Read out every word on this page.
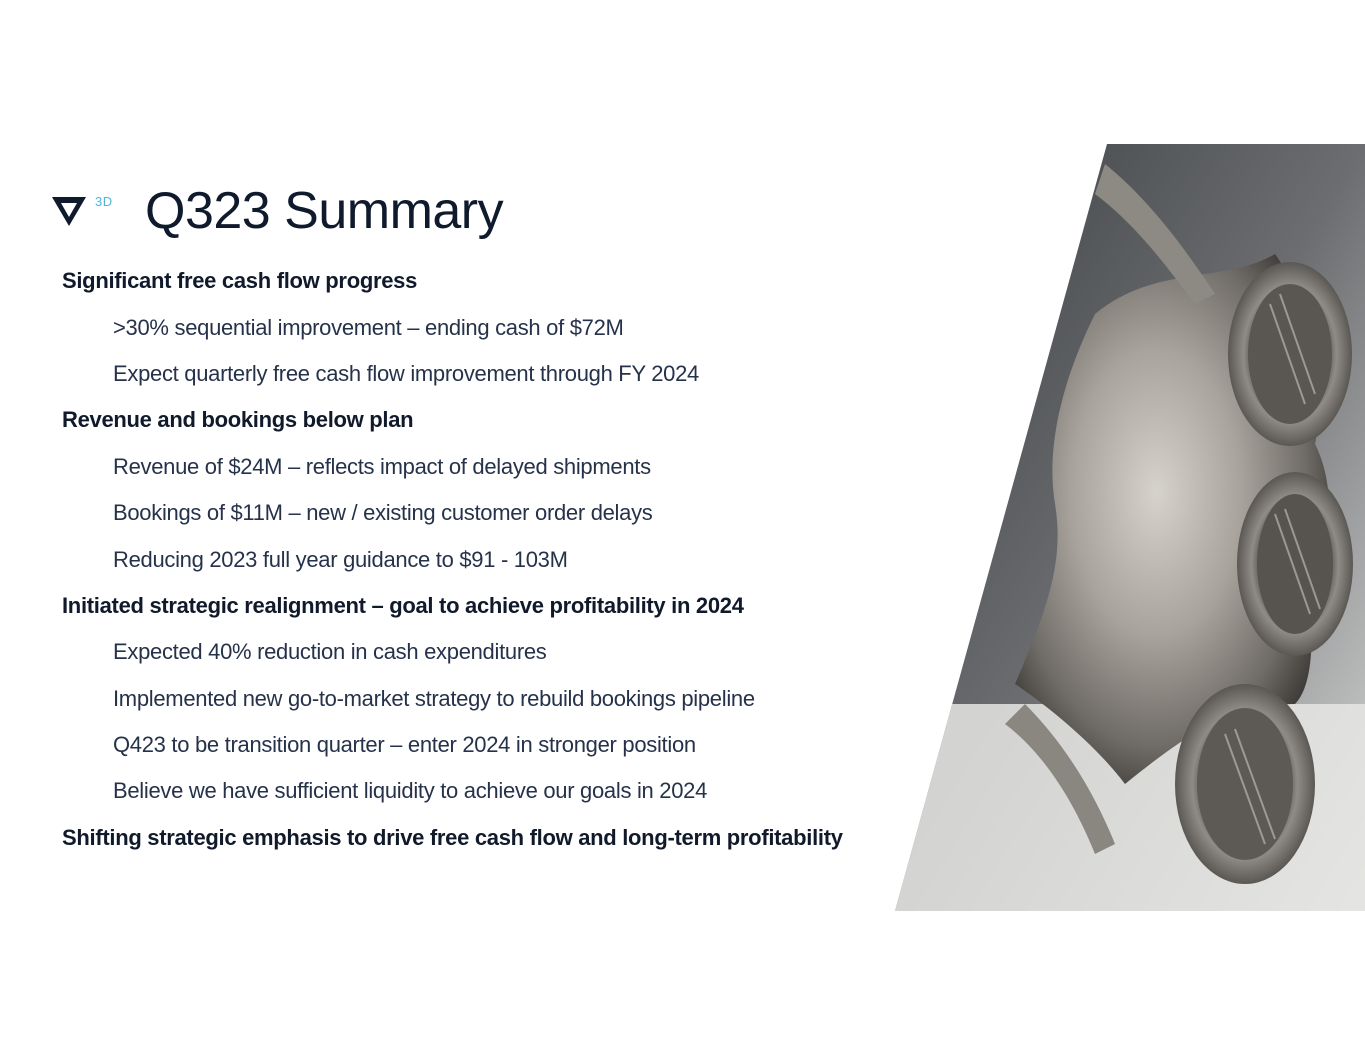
3D Q323 Summary
Significant free cash flow progress
>30% sequential improvement – ending cash of $72M
Expect quarterly free cash flow improvement through FY 2024
Revenue and bookings below plan
Revenue of $24M – reflects impact of delayed shipments
Bookings of $11M – new / existing customer order delays
Reducing 2023 full year guidance to $91 - 103M
Initiated strategic realignment – goal to achieve profitability in 2024
Expected 40% reduction in cash expenditures
Implemented new go-to-market strategy to rebuild bookings pipeline
Q423 to be transition quarter – enter 2024 in stronger position
Believe we have sufficient liquidity to achieve our goals in 2024
Shifting strategic emphasis to drive free cash flow and long-term profitability
